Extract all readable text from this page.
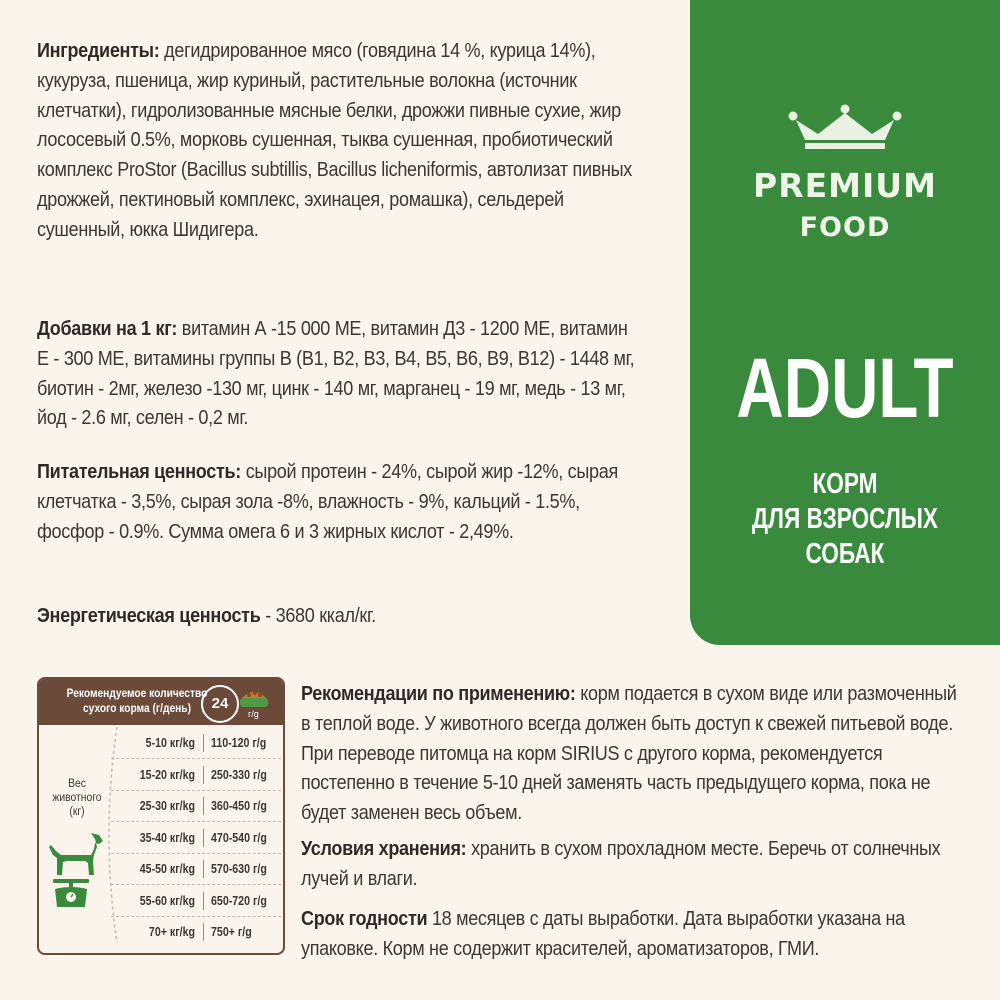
Ингредиенты: дегидрированное мясо (говядина 14 %, курица 14%), кукуруза, пшеница, жир куриный, растительные волокна (источник клетчатки), гидролизованные мясные белки, дрожжи пивные сухие, жир лососевый 0.5%, морковь сушенная, тыква сушенная, пробиотический комплекс ProStor (Bacillus subtillis, Bacillus licheniformis, автолизат пивных дрожжей, пектиновый комплекс, эхинацея, ромашка), сельдерей сушенный, юкка Шидигера.
Добавки на 1 кг: витамин А -15 000 МЕ, витамин Д3 - 1200 МЕ, витамин Е - 300 МЕ, витамины группы В (В1, В2, В3, В4, В5, В6, В9, В12) - 1448 мг, биотин - 2мг, железо -130 мг, цинк - 140 мг, марганец - 19 мг, медь - 13 мг, йод - 2.6 мг, селен - 0,2 мг.
Питательная ценность: сырой протеин - 24%, сырой жир -12%, сырая клетчатка - 3,5%, сырая зола -8%, влажность - 9%, кальций - 1.5%, фосфор - 0.9%. Сумма омега 6 и 3 жирных кислот - 2,49%.
Энергетическая ценность - 3680 ккал/кг.
PREMIUM
FOOD
ADULT
КОРМ
ДЛЯ ВЗРОСЛЫХ
СОБАК
Рекомендуемое количество сухого корма (г/день)	24
г/g
Вес животного (кг)
5-10 кг/kg 110-120 г/g
15-20 кг/kg 250-330 г/g
25-30 кг/kg 360-450 г/g
35-40 кг/kg 470-540 г/g
45-50 кг/kg 570-630 г/g
55-60 кг/kg 650-720 г/g
70+ кг/kg 750+ г/g
Рекомендации по применению: корм подается в сухом виде или размоченный в теплой воде. У животного всегда должен быть доступ к свежей питьевой воде. При переводе питомца на корм SIRIUS с другого корма, рекомендуется постепенно в течение 5-10 дней заменять часть предыдущего корма, пока не будет заменен весь объем.
Условия хранения: хранить в сухом прохладном месте. Беречь от солнечных лучей и влаги.
Срок годности 18 месяцев с даты выработки. Дата выработки указана на упаковке. Корм не содержит красителей, ароматизаторов, ГМИ.
